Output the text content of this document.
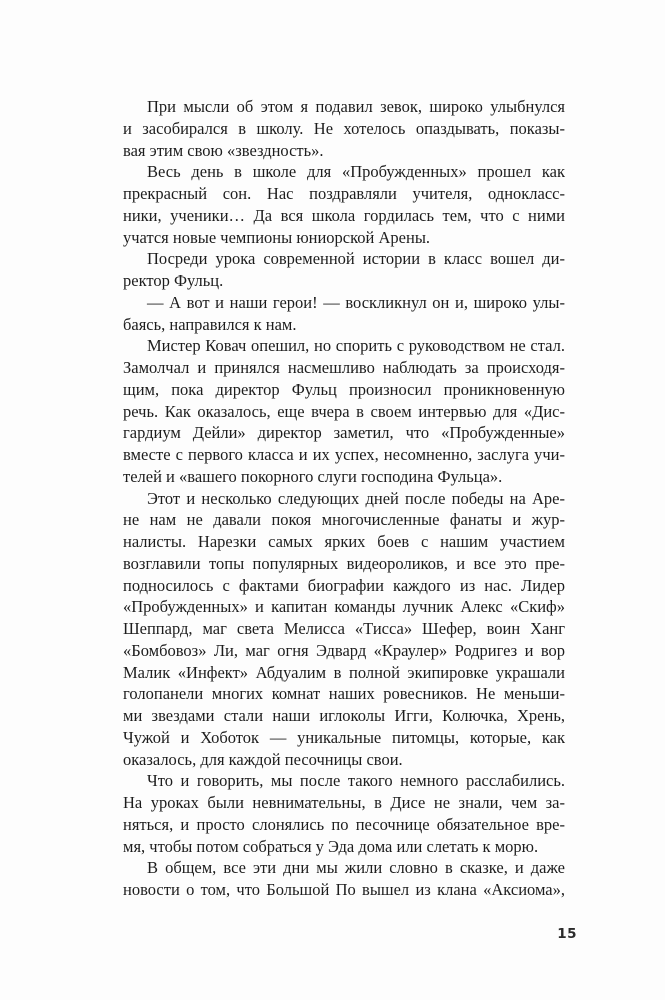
При мысли об этом я подавил зевок, широко улыбнулся
и засобирался в школу. Не хотелось опаздывать, показы-
вая этим свою «звездность».

Весь день в школе для «Пробужденных» прошел как
прекрасный сон. Нас поздравляли учителя, однокласс-
ники, ученики… Да вся школа гордилась тем, что с ними
учатся новые чемпионы юниорской Арены.

Посреди урока современной истории в класс вошел ди-
ректор Фульц.

— А вот и наши герои! — воскликнул он и, широко улы-
баясь, направился к нам.

Мистер Ковач опешил, но спорить с руководством не стал.
Замолчал и принялся насмешливо наблюдать за происходя-
щим, пока директор Фульц произносил проникновенную
речь. Как оказалось, еще вчера в своем интервью для «Дис-
гардиум Дейли» директор заметил, что «Пробужденные»
вместе с первого класса и их успех, несомненно, заслуга учи-
телей и «вашего покорного слуги господина Фульца».

Этот и несколько следующих дней после победы на Аре-
не нам не давали покоя многочисленные фанаты и жур-
налисты. Нарезки самых ярких боев с нашим участием
возглавили топы популярных видеороликов, и все это пре-
подносилось с фактами биографии каждого из нас. Лидер
«Пробужденных» и капитан команды лучник Алекс «Скиф»
Шеппард, маг света Мелисса «Тисса» Шефер, воин Ханг
«Бомбовоз» Ли, маг огня Эдвард «Краулер» Родригез и вор
Малик «Инфект» Абдуалим в полной экипировке украшали
голопанели многих комнат наших ровесников. Не меньши-
ми звездами стали наши иглоколы Игги, Колючка, Хрень,
Чужой и Хоботок — уникальные питомцы, которые, как
оказалось, для каждой песочницы свои.

Что и говорить, мы после такого немного расслабились.
На уроках были невнимательны, в Дисе не знали, чем за-
няться, и просто слонялись по песочнице обязательное вре-
мя, чтобы потом собраться у Эда дома или слетать к морю.

В общем, все эти дни мы жили словно в сказке, и даже
новости о том, что Большой По вышел из клана «Аксиома»,

15
